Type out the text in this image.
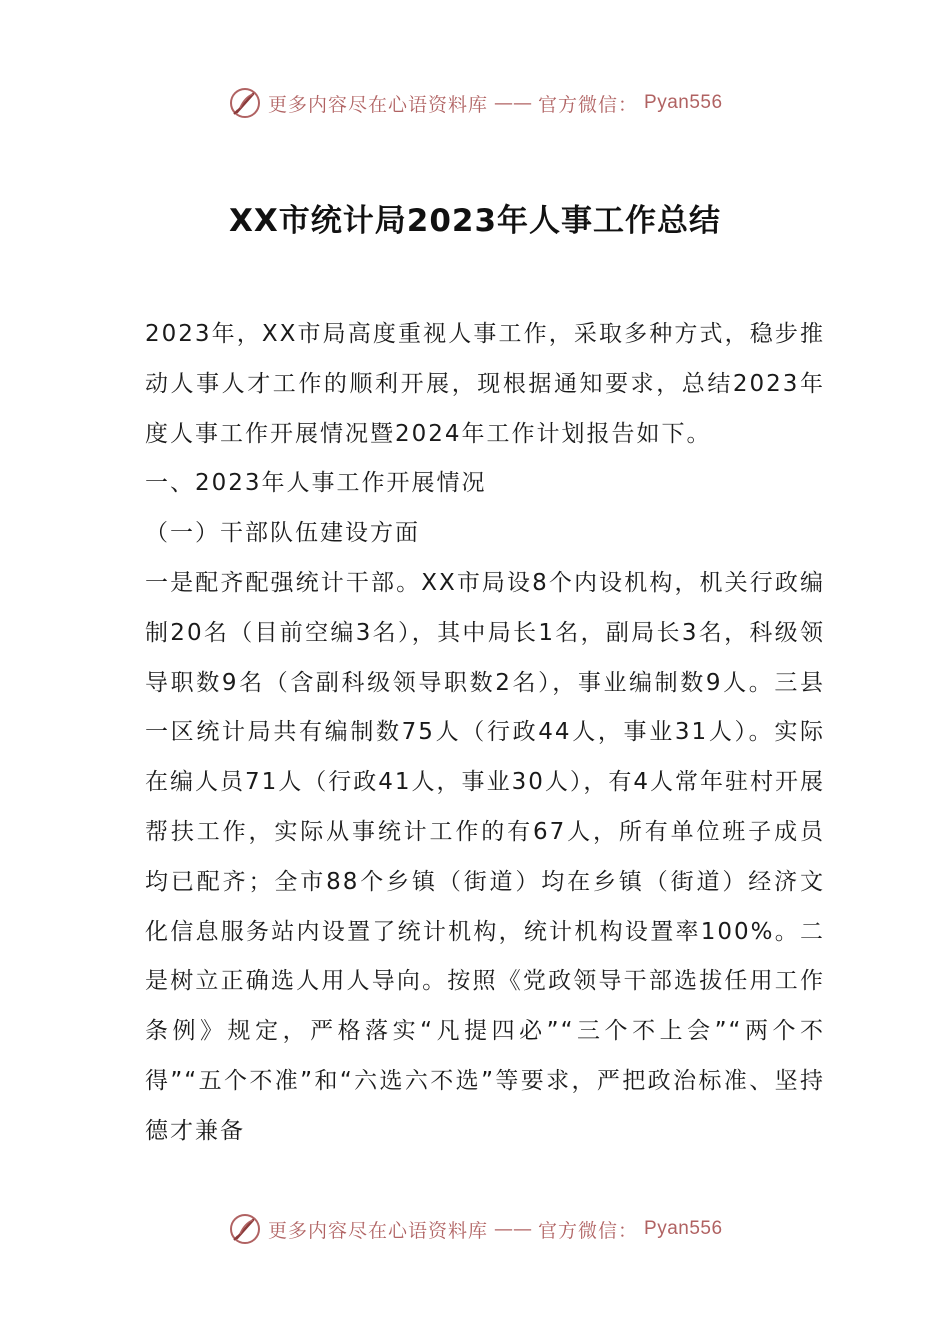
更多内容尽在心语资料库 —— 官方微信： Pyan556
XX市统计局2023年人事工作总结

2023年，XX市局高度重视人事工作，采取多种方式，稳步推动人事人才工作的顺利开展，现根据通知要求，总结2023年度人事工作开展情况暨2024年工作计划报告如下。

一、2023年人事工作开展情况

（一）干部队伍建设方面

一是配齐配强统计干部。XX市局设8个内设机构，机关行政编制20名（目前空编3名），其中局长1名，副局长3名，科级领导职数9名（含副科级领导职数2名），事业编制数9人。三县一区统计局共有编制数75人（行政44人，事业31人）。实际在编人员71人（行政41人，事业30人），有4人常年驻村开展帮扶工作，实际从事统计工作的有67人，所有单位班子成员均已配齐；全市88个乡镇（街道）均在乡镇（街道）经济文化信息服务站内设置了统计机构，统计机构设置率100%。二是树立正确选人用人导向。按照《党政领导干部选拔任用工作条例》规定，严格落实“凡提四必”“三个不上会”“两个不得”“五个不准”和“六选六不选”等要求，严把政治标准、坚持德才兼备

更多内容尽在心语资料库 —— 官方微信： Pyan556
